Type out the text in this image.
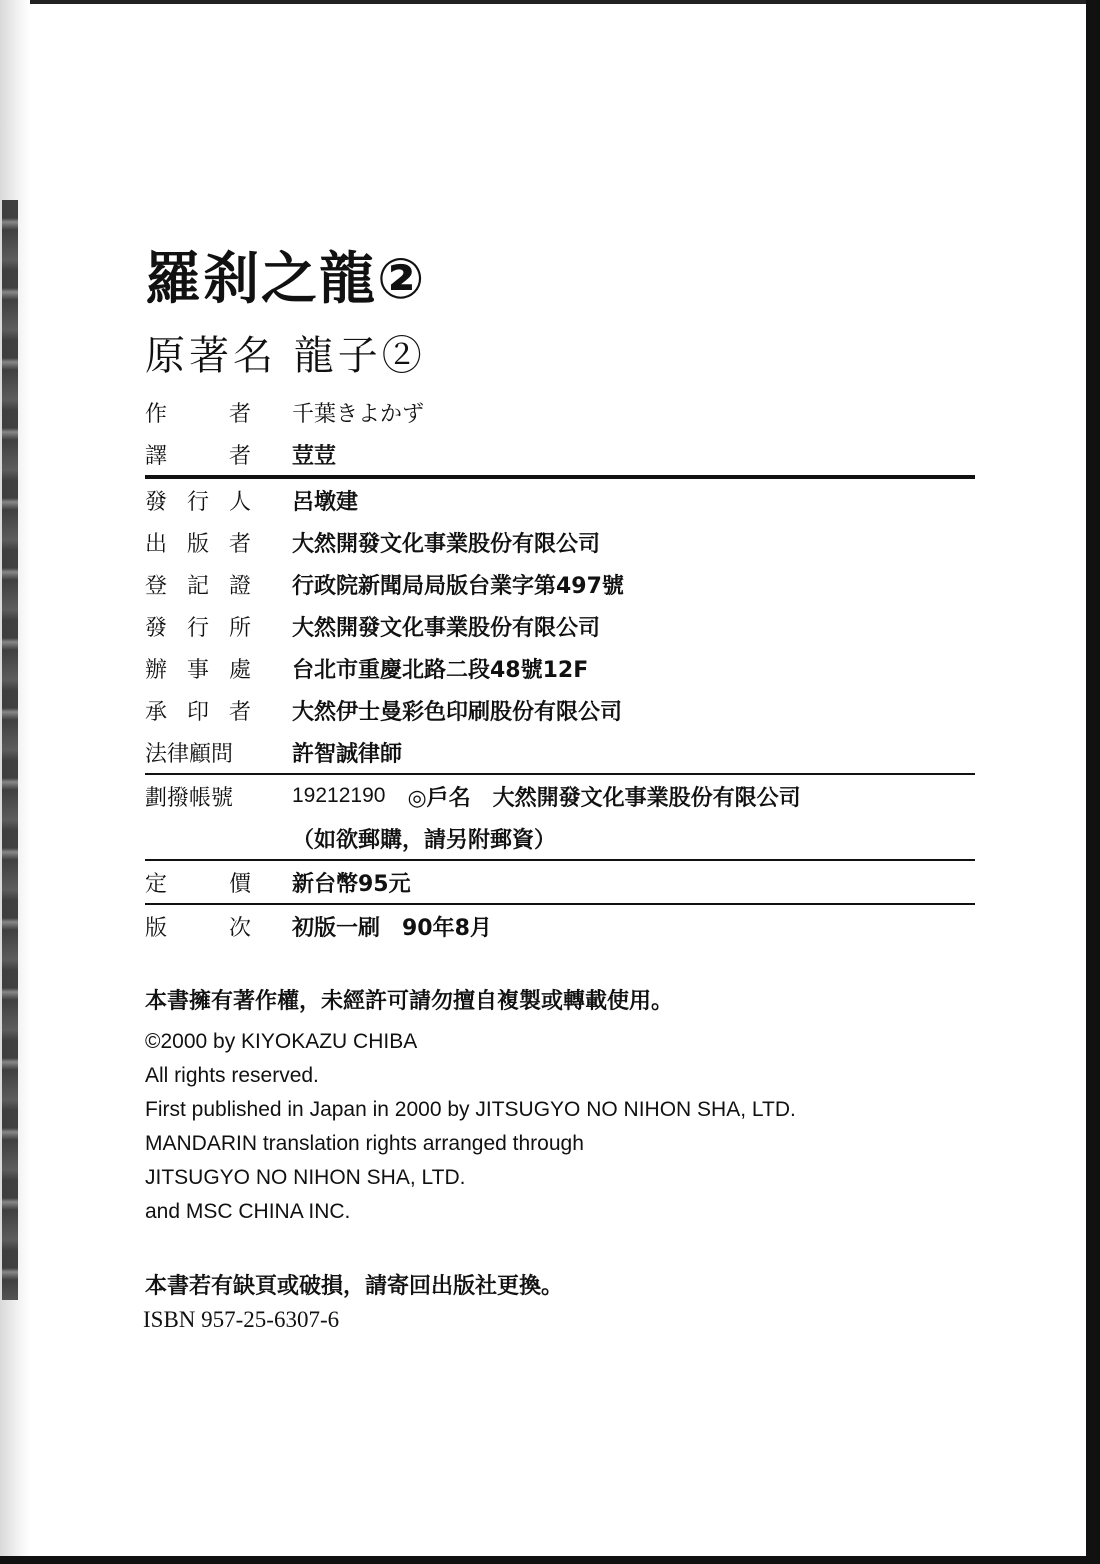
羅刹之龍②
原著名 龍子②
作　者 千葉きよかず
譯　者 荳荳
發行人 呂墩建
出版者 大然開發文化事業股份有限公司
登記證 行政院新聞局局版台業字第497號
發行所 大然開發文化事業股份有限公司
辦事處 台北市重慶北路二段48號12F
承印者 大然伊士曼彩色印刷股份有限公司
法律顧問	許智誠律師
劃撥帳號	19212190 ◎戶名　大然開發文化事業股份有限公司
（如欲郵購，請另附郵資）
定　價 新台幣95元
版　次 初版一刷　90年8月
本書擁有著作權，未經許可請勿擅自複製或轉載使用。
©2000 by KIYOKAZU CHIBA
All rights reserved.
First published in Japan in 2000 by JITSUGYO NO NIHON SHA, LTD.
MANDARIN translation rights arranged through
JITSUGYO NO NIHON SHA, LTD.
and MSC CHINA INC.
本書若有缺頁或破損，請寄回出版社更換。
ISBN 957-25-6307-6
